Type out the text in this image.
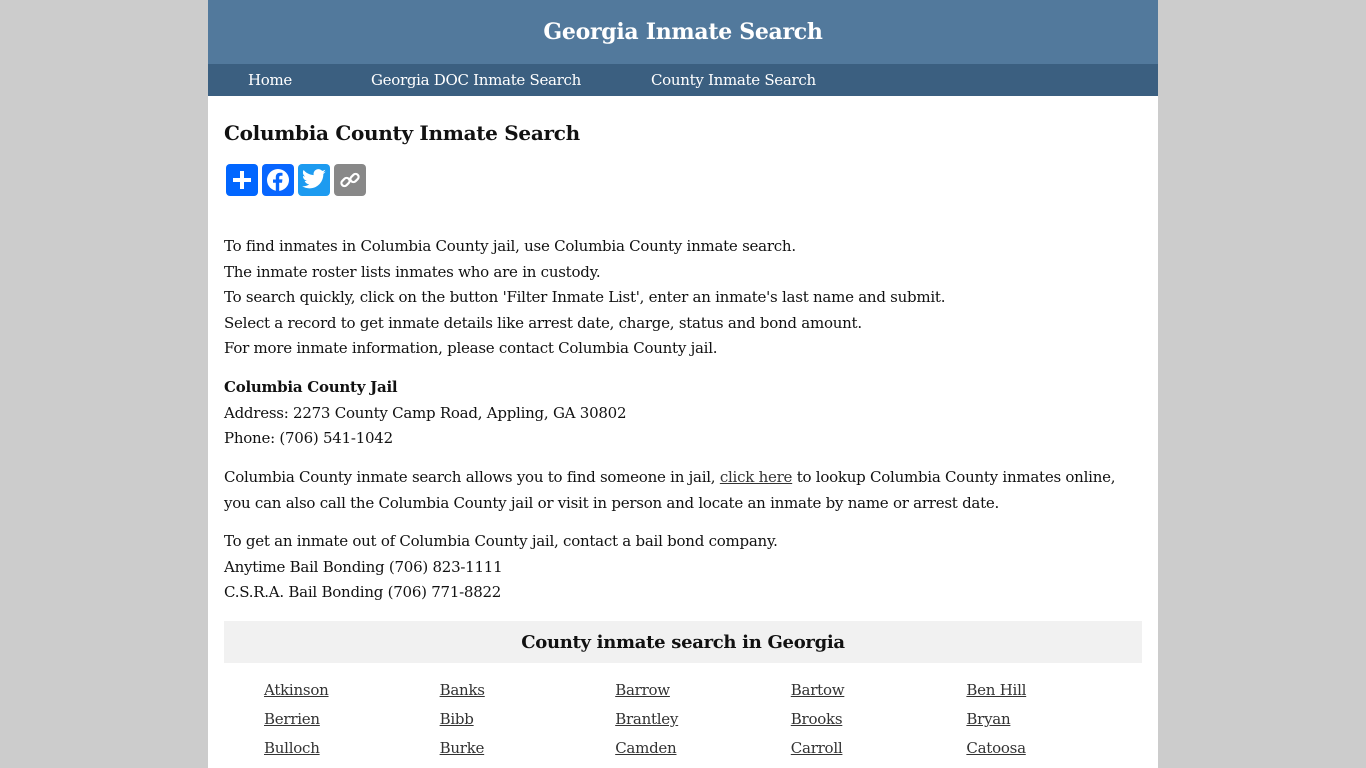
Georgia Inmate Search
Home	Georgia DOC Inmate Search	County Inmate Search
Columbia County Inmate Search

To find inmates in Columbia County jail, use Columbia County inmate search.

The inmate roster lists inmates who are in custody.

To search quickly, click on the button 'Filter Inmate List', enter an inmate's last name and submit.

Select a record to get inmate details like arrest date, charge, status and bond amount.

For more inmate information, please contact Columbia County jail.

Columbia County Jail

Address: 2273 County Camp Road, Appling, GA 30802

Phone: (706) 541-1042

Columbia County inmate search allows you to find someone in jail, click here to lookup Columbia County inmates online, you can also call the Columbia County jail or visit in person and locate an inmate by name or arrest date.

To get an inmate out of Columbia County jail, contact a bail bond company.

Anytime Bail Bonding (706) 823-1111

C.S.R.A. Bail Bonding (706) 771-8822

County inmate search in Georgia
Atkinson	Banks	Barrow	Bartow	Ben Hill
Berrien	Bibb	Brantley	Brooks	Bryan
Bulloch	Burke	Camden	Carroll	Catoosa
